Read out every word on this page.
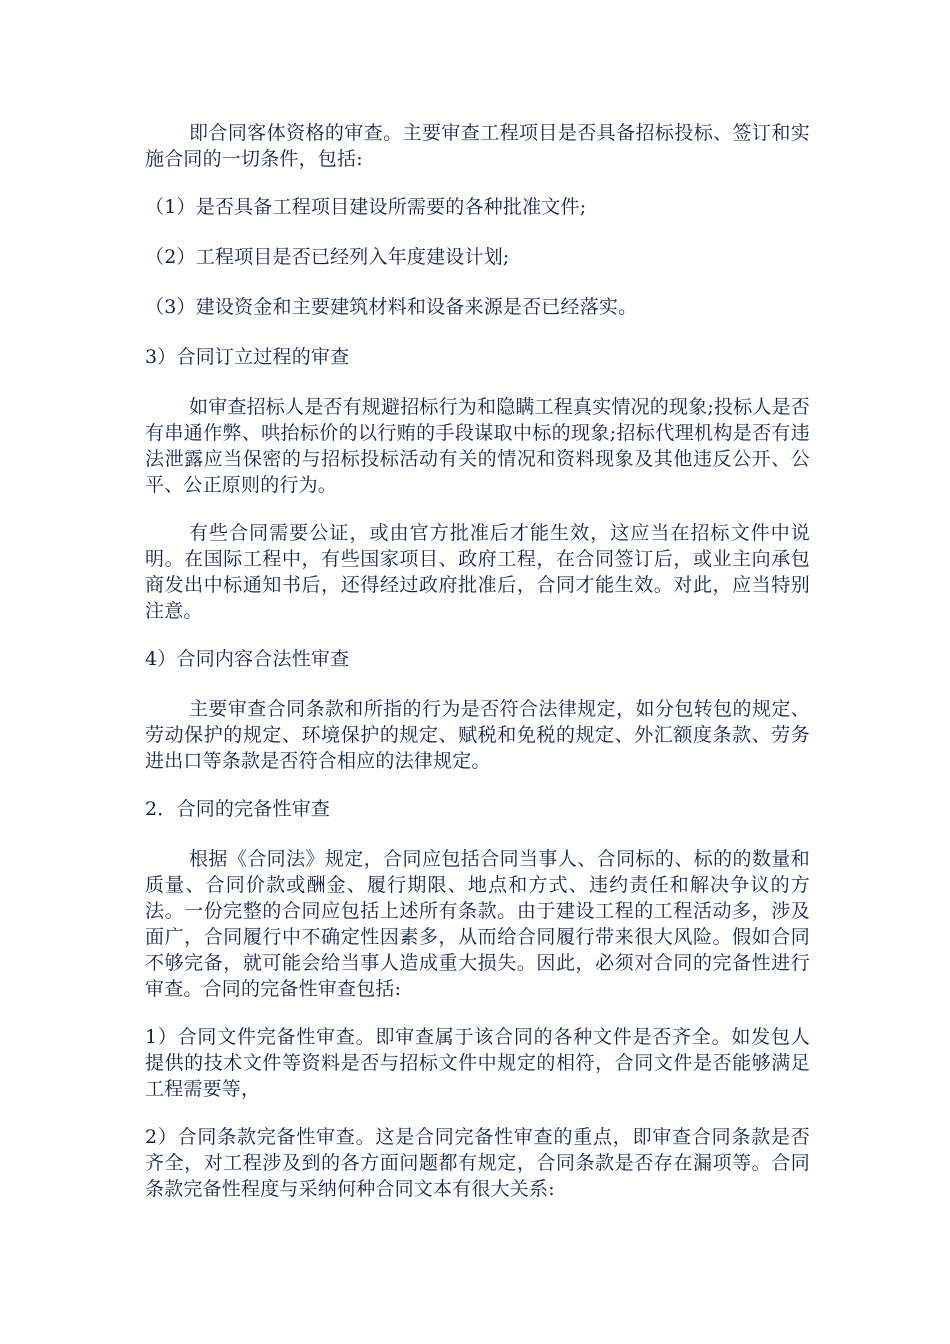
即合同客体资格的审查。主要审查工程项目是否具备招标投标、签订和实施合同的一切条件，包括:

（1）是否具备工程项目建设所需要的各种批准文件;

（2）工程项目是否已经列入年度建设计划;

（3）建设资金和主要建筑材料和设备来源是否已经落实。

3）合同订立过程的审查

如审查招标人是否有规避招标行为和隐瞒工程真实情况的现象;投标人是否有串通作弊、哄抬标价的以行贿的手段谋取中标的现象;招标代理机构是否有违法泄露应当保密的与招标投标活动有关的情况和资料现象及其他违反公开、公平、公正原则的行为。

有些合同需要公证，或由官方批准后才能生效，这应当在招标文件中说明。在国际工程中，有些国家项目、政府工程，在合同签订后，或业主向承包商发出中标通知书后，还得经过政府批准后，合同才能生效。对此，应当特别注意。

4）合同内容合法性审查

主要审查合同条款和所指的行为是否符合法律规定，如分包转包的规定、劳动保护的规定、环境保护的规定、赋税和免税的规定、外汇额度条款、劳务进出口等条款是否符合相应的法律规定。

2．合同的完备性审查

根据《合同法》规定，合同应包括合同当事人、合同标的、标的的数量和质量、合同价款或酬金、履行期限、地点和方式、违约责任和解决争议的方法。一份完整的合同应包括上述所有条款。由于建设工程的工程活动多，涉及面广，合同履行中不确定性因素多，从而给合同履行带来很大风险。假如合同不够完备，就可能会给当事人造成重大损失。因此，必须对合同的完备性进行审查。合同的完备性审查包括:

1）合同文件完备性审查。即审查属于该合同的各种文件是否齐全。如发包人提供的技术文件等资料是否与招标文件中规定的相符，合同文件是否能够满足工程需要等，

2）合同条款完备性审查。这是合同完备性审查的重点，即审查合同条款是否齐全，对工程涉及到的各方面问题都有规定，合同条款是否存在漏项等。合同条款完备性程度与采纳何种合同文本有很大关系:
